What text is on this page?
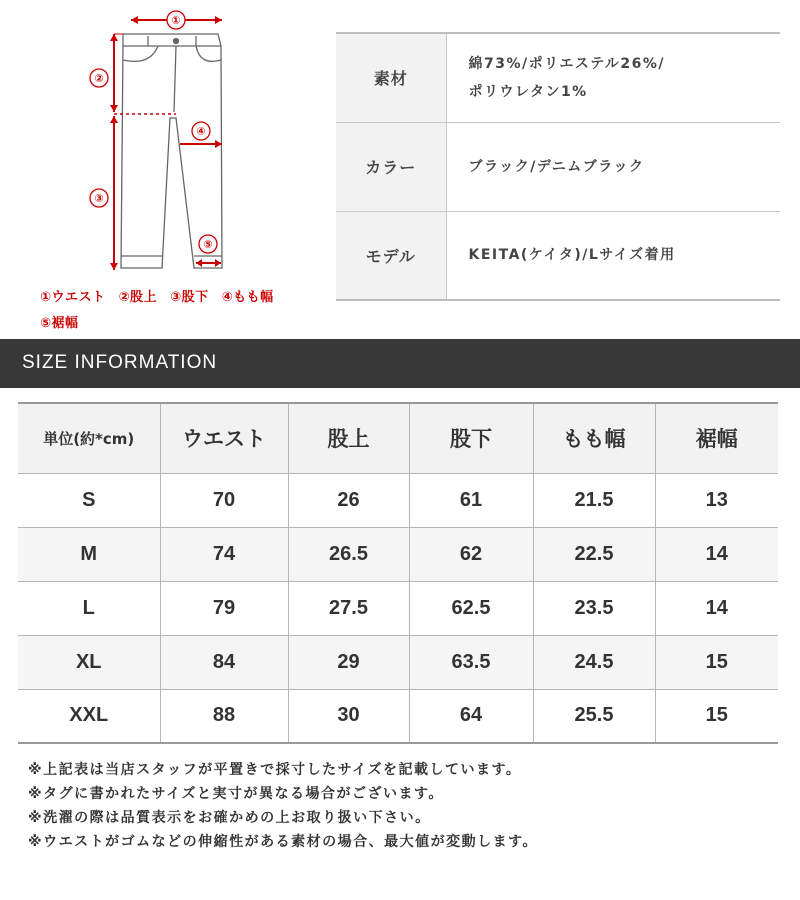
①
②
③
④
⑤
①ウエスト ②股上 ③股下 ④もも幅
⑤裾幅
素材	綿73%/ポリエステル26%/
ポリウレタン1%

カラー	ブラック/デニムブラック

モデル	KEITA(ケイタ)/Lサイズ着用
SIZE INFORMATION
単位(約*cm)	ウエスト	股上	股下	もも幅	裾幅
S	70	26	61	21.5	13
M	74	26.5	62	22.5	14
L	79	27.5	62.5	23.5	14
XL	84	29	63.5	24.5	15
XXL	88	30	64	25.5	15
※上記表は当店スタッフが平置きで採寸したサイズを記載しています。
※タグに書かれたサイズと実寸が異なる場合がございます。
※洗濯の際は品質表示をお確かめの上お取り扱い下さい。
※ウエストがゴムなどの伸縮性がある素材の場合、最大値が変動します。
